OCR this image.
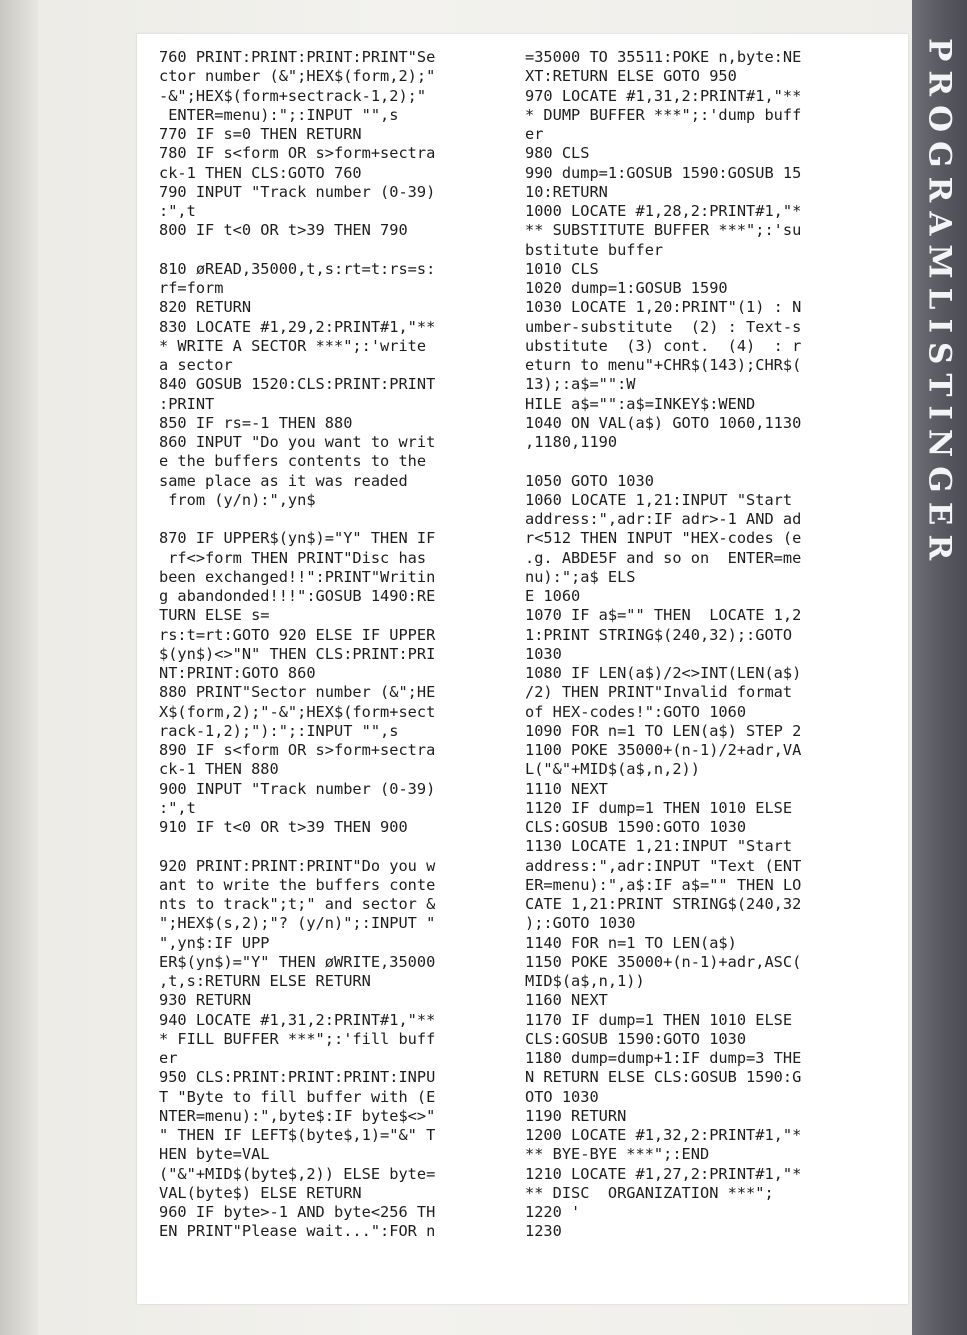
760 PRINT:PRINT:PRINT:PRINT"Se
ctor number (&";HEX$(form,2);"
-&";HEX$(form+sectrack-1,2);"
ENTER=menu):";:INPUT "",s
770 IF s=0 THEN RETURN
780 IF s<form OR s>form+sectra
ck-1 THEN CLS:GOTO 760
790 INPUT "Track number (0-39)
:",t
800 IF t<0 OR t>39 THEN 790
810 øREAD,35000,t,s:rt=t:rs=s:
rf=form
820 RETURN
830 LOCATE #1,29,2:PRINT#1,"**
* WRITE A SECTOR ***";:'write
a sector
840 GOSUB 1520:CLS:PRINT:PRINT
:PRINT
850 IF rs=-1 THEN 880
860 INPUT "Do you want to writ
e the buffers contents to the
same place as it was readed
from (y/n):",yn$
870 IF UPPER$(yn$)="Y" THEN IF
rf<>form THEN PRINT"Disc has
been exchanged!!":PRINT"Writin
g abandonded!!!":GOSUB 1490:RE
TURN ELSE s=
rs:t=rt:GOTO 920 ELSE IF UPPER
$(yn$)<>"N" THEN CLS:PRINT:PRI
NT:PRINT:GOTO 860
880 PRINT"Sector number (&";HE
X$(form,2);"-&";HEX$(form+sect
rack-1,2);"):";:INPUT "",s
890 IF s<form OR s>form+sectra
ck-1 THEN 880
900 INPUT "Track number (0-39)
:",t
910 IF t<0 OR t>39 THEN 900
920 PRINT:PRINT:PRINT"Do you w
ant to write the buffers conte
nts to track";t;" and sector &
";HEX$(s,2);"? (y/n)";:INPUT "
",yn$:IF UPP
ER$(yn$)="Y" THEN øWRITE,35000
,t,s:RETURN ELSE RETURN
930 RETURN
940 LOCATE #1,31,2:PRINT#1,"**
* FILL BUFFER ***";:'fill buff
er
950 CLS:PRINT:PRINT:PRINT:INPU
T "Byte to fill buffer with (E
NTER=menu):",byte$:IF byte$<>"
" THEN IF LEFT$(byte$,1)="&" T
HEN byte=VAL
("&"+MID$(byte$,2)) ELSE byte=
VAL(byte$) ELSE RETURN
960 IF byte>-1 AND byte<256 TH
EN PRINT"Please wait...":FOR n
=35000 TO 35511:POKE n,byte:NE
XT:RETURN ELSE GOTO 950
970 LOCATE #1,31,2:PRINT#1,"**
* DUMP BUFFER ***";:'dump buff
er
980 CLS
990 dump=1:GOSUB 1590:GOSUB 15
10:RETURN
1000 LOCATE #1,28,2:PRINT#1,"*
** SUBSTITUTE BUFFER ***";:'su
bstitute buffer
1010 CLS
1020 dump=1:GOSUB 1590
1030 LOCATE 1,20:PRINT"(1) : N
umber-substitute  (2) : Text-s
ubstitute  (3) cont.  (4)  : r
eturn to menu"+CHR$(143);CHR$(
13);:a$="":W
HILE a$="":a$=INKEY$:WEND
1040 ON VAL(a$) GOTO 1060,1130
,1180,1190
1050 GOTO 1030
1060 LOCATE 1,21:INPUT "Start
address:",adr:IF adr>-1 AND ad
r<512 THEN INPUT "HEX-codes (e
.g. ABDE5F and so on  ENTER=me
nu):";a$ ELS
E 1060
1070 IF a$="" THEN  LOCATE 1,2
1:PRINT STRING$(240,32);:GOTO
1030
1080 IF LEN(a$)/2<>INT(LEN(a$)
/2) THEN PRINT"Invalid format
of HEX-codes!":GOTO 1060
1090 FOR n=1 TO LEN(a$) STEP 2
1100 POKE 35000+(n-1)/2+adr,VA
L("&"+MID$(a$,n,2))
1110 NEXT
1120 IF dump=1 THEN 1010 ELSE
CLS:GOSUB 1590:GOTO 1030
1130 LOCATE 1,21:INPUT "Start
address:",adr:INPUT "Text (ENT
ER=menu):",a$:IF a$="" THEN LO
CATE 1,21:PRINT STRING$(240,32
);:GOTO 1030
1140 FOR n=1 TO LEN(a$)
1150 POKE 35000+(n-1)+adr,ASC(
MID$(a$,n,1))
1160 NEXT
1170 IF dump=1 THEN 1010 ELSE
CLS:GOSUB 1590:GOTO 1030
1180 dump=dump+1:IF dump=3 THE
N RETURN ELSE CLS:GOSUB 1590:G
OTO 1030
1190 RETURN
1200 LOCATE #1,32,2:PRINT#1,"*
** BYE-BYE ***";:END
1210 LOCATE #1,27,2:PRINT#1,"*
** DISC  ORGANIZATION ***";
1220 '
1230
PROGRAMLISTINGER
